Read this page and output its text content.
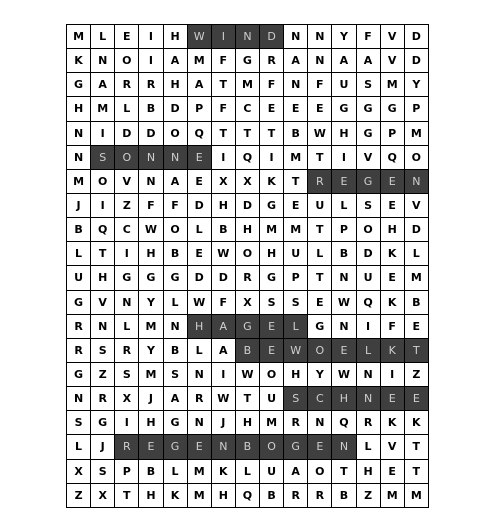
M	L	E	I	H	W	I	N	D	N	N	Y	F	V	D
K	N	O	I	A	M	F	G	R	A	N	A	A	V	D
G	A	R	R	H	A	T	M	F	N	F	U	S	M	Y
H	M	L	B	D	P	F	C	E	E	E	G	G	G	P
N	I	D	D	O	Q	T	T	T	B	W	H	G	P	M
N	S	O	N	N	E	I	Q	I	M	T	I	V	Q	O
M	O	V	N	A	E	X	X	K	T	R	E	G	E	N
J	I	Z	F	F	D	H	D	G	E	U	L	S	E	V
B	Q	C	W	O	L	B	H	M	M	T	P	O	H	D
L	T	I	H	B	E	W	O	H	U	L	B	D	K	L
U	H	G	G	G	D	D	R	G	P	T	N	U	E	M
G	V	N	Y	L	W	F	X	S	S	E	W	Q	K	B
R	N	L	M	N	H	A	G	E	L	G	N	I	F	E
R	S	R	Y	B	L	A	B	E	W	O	E	L	K	T
G	Z	S	M	S	N	I	W	O	H	Y	W	N	I	Z
N	R	X	J	A	R	W	T	U	S	C	H	N	E	E
S	G	I	H	G	N	J	H	M	R	N	Q	R	K	K
L	J	R	E	G	E	N	B	O	G	E	N	L	V	T
X	S	P	B	L	M	K	L	U	A	O	T	H	E	T
Z	X	T	H	K	M	H	Q	B	R	R	B	Z	M	M
